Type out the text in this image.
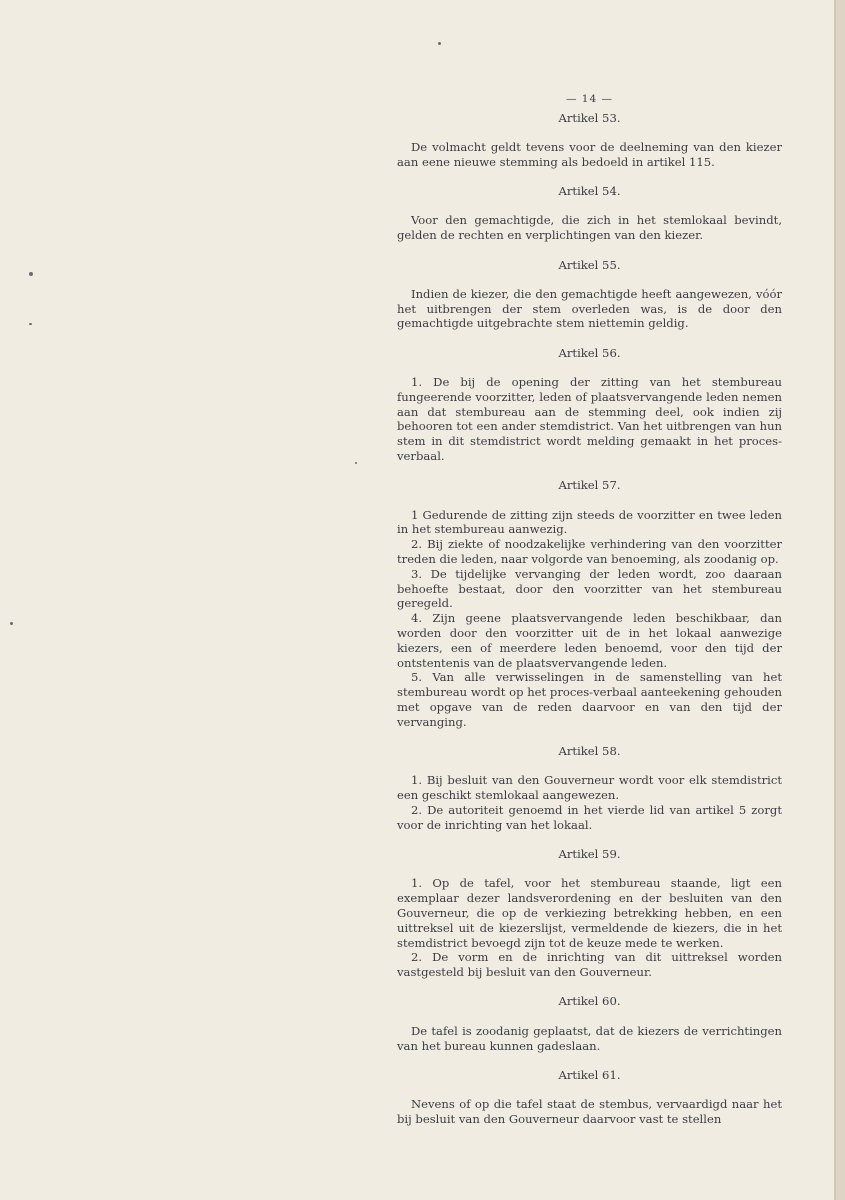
— 14 —
Artikel 53.

De volmacht geldt tevens voor de deelneming van den kiezer aan eene nieuwe stemming als bedoeld in artikel 115.

Artikel 54.

Voor den gemachtigde, die zich in het stemlokaal bevindt, gelden de rechten en verplichtingen van den kiezer.

Artikel 55.

Indien de kiezer, die den gemachtigde heeft aangewezen, vóór het uitbrengen der stem overleden was, is de door den gemachtigde uitgebrachte stem niettemin geldig.

Artikel 56.

1. De bij de opening der zitting van het stembureau fungeerende voorzitter, leden of plaatsvervangende leden nemen aan dat stembureau aan de stemming deel, ook indien zij behooren tot een ander stemdistrict. Van het uitbrengen van hun stem in dit stemdistrict wordt melding gemaakt in het proces-verbaal.

Artikel 57.

1 Gedurende de zitting zijn steeds de voorzitter en twee leden in het stembureau aanwezig.

2. Bij ziekte of noodzakelijke verhindering van den voorzitter treden die leden, naar volgorde van benoeming, als zoodanig op.

3. De tijdelijke vervanging der leden wordt, zoo daaraan behoefte bestaat, door den voorzitter van het stembureau geregeld.

4. Zijn geene plaatsvervangende leden beschikbaar, dan worden door den voorzitter uit de in het lokaal aanwezige kiezers, een of meerdere leden benoemd, voor den tijd der ontstentenis van de plaatsvervangende leden.

5. Van alle verwisselingen in de samenstelling van het stembureau wordt op het proces-verbaal aanteekening gehouden met opgave van de reden daarvoor en van den tijd der vervanging.

Artikel 58.

1. Bij besluit van den Gouverneur wordt voor elk stemdistrict een geschikt stemlokaal aangewezen.

2. De autoriteit genoemd in het vierde lid van artikel 5 zorgt voor de inrichting van het lokaal.

Artikel 59.

1. Op de tafel, voor het stembureau staande, ligt een exemplaar dezer landsverordening en der besluiten van den Gouverneur, die op de verkiezing betrekking hebben, en een uittreksel uit de kiezerslijst, vermeldende de kiezers, die in het stemdistrict bevoegd zijn tot de keuze mede te werken.

2. De vorm en de inrichting van dit uittreksel worden vastgesteld bij besluit van den Gouverneur.

Artikel 60.

De tafel is zoodanig geplaatst, dat de kiezers de verrichtingen van het bureau kunnen gadeslaan.

Artikel 61.

Nevens of op die tafel staat de stembus, vervaardigd naar het bij besluit van den Gouverneur daarvoor vast te stellen
